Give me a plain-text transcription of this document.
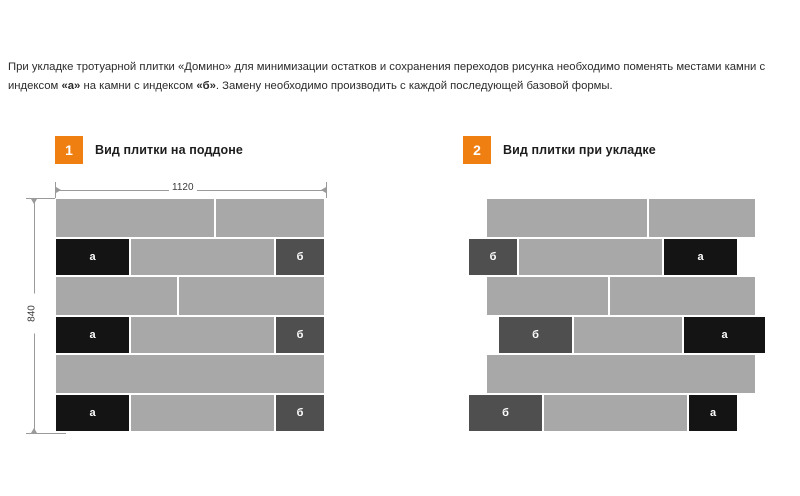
При укладке тротуарной плитки «Домино» для минимизации остатков и сохранения переходов рисунка необходимо поменять местами камни с индексом «а» на камни с индексом «б». Замену необходимо производить с каждой последующей базовой формы.
1	Вид плитки на поддоне	2	Вид плитки при укладке
1120
840
а	б
а	б
а	б
б	а
б	а
б	а
